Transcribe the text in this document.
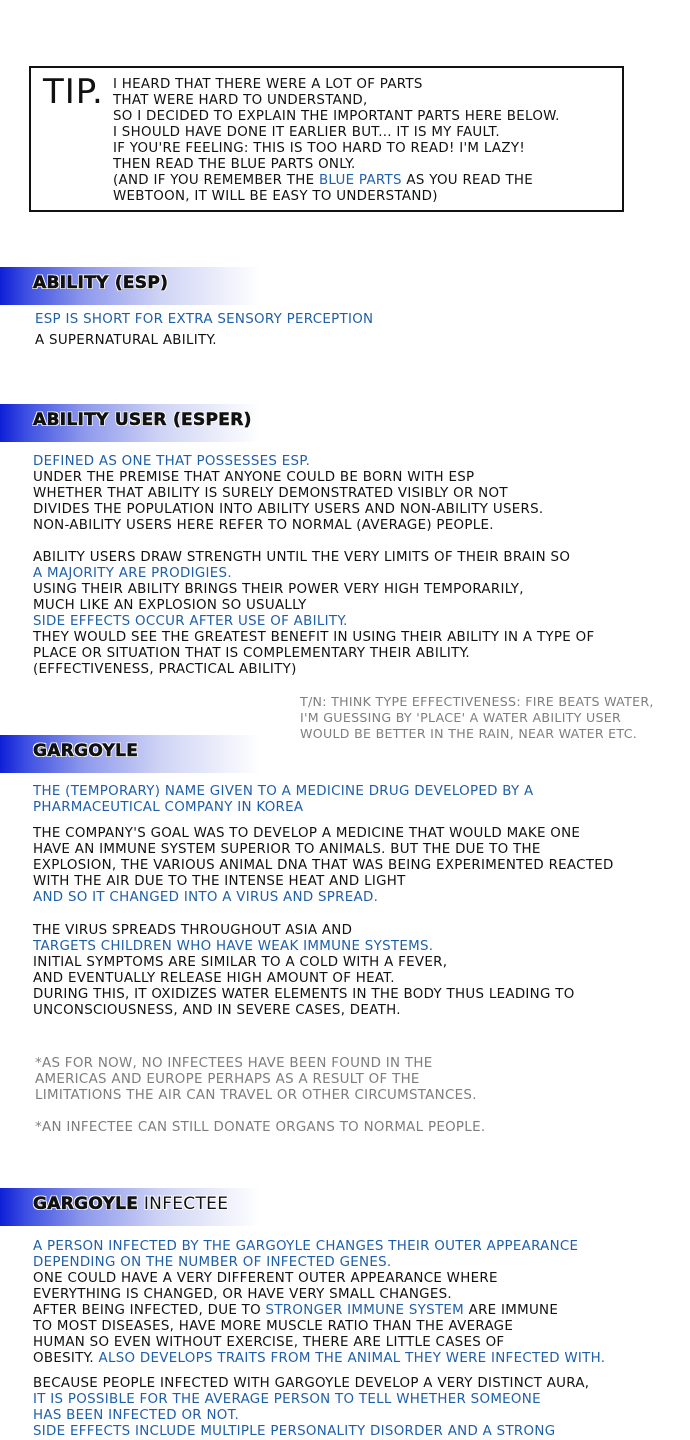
TIP. I HEARD THAT THERE WERE A LOT OF PARTS
THAT WERE HARD TO UNDERSTAND,
SO I DECIDED TO EXPLAIN THE IMPORTANT PARTS HERE BELOW.
I SHOULD HAVE DONE IT EARLIER BUT... IT IS MY FAULT.
IF YOU'RE FEELING: THIS IS TOO HARD TO READ! I'M LAZY!
THEN READ THE BLUE PARTS ONLY.
(AND IF YOU REMEMBER THE BLUE PARTS AS YOU READ THE
WEBTOON, IT WILL BE EASY TO UNDERSTAND)
ABILITY (ESP)
ESP IS SHORT FOR EXTRA SENSORY PERCEPTION
A SUPERNATURAL ABILITY.
ABILITY USER (ESPER)
DEFINED AS ONE THAT POSSESSES ESP.
UNDER THE PREMISE THAT ANYONE COULD BE BORN WITH ESP
WHETHER THAT ABILITY IS SURELY DEMONSTRATED VISIBLY OR NOT
DIVIDES THE POPULATION INTO ABILITY USERS AND NON-ABILITY USERS.
NON-ABILITY USERS HERE REFER TO NORMAL (AVERAGE) PEOPLE.
ABILITY USERS DRAW STRENGTH UNTIL THE VERY LIMITS OF THEIR BRAIN SO
A MAJORITY ARE PRODIGIES.
USING THEIR ABILITY BRINGS THEIR POWER VERY HIGH TEMPORARILY,
MUCH LIKE AN EXPLOSION SO USUALLY
SIDE EFFECTS OCCUR AFTER USE OF ABILITY.
THEY WOULD SEE THE GREATEST BENEFIT IN USING THEIR ABILITY IN A TYPE OF
PLACE OR SITUATION THAT IS COMPLEMENTARY THEIR ABILITY.
(EFFECTIVENESS, PRACTICAL ABILITY)
T/N: THINK TYPE EFFECTIVENESS: FIRE BEATS WATER,
I'M GUESSING BY 'PLACE' A WATER ABILITY USER
WOULD BE BETTER IN THE RAIN, NEAR WATER ETC.
GARGOYLE
THE (TEMPORARY) NAME GIVEN TO A MEDICINE DRUG DEVELOPED BY A
PHARMACEUTICAL COMPANY IN KOREA
THE COMPANY'S GOAL WAS TO DEVELOP A MEDICINE THAT WOULD MAKE ONE
HAVE AN IMMUNE SYSTEM SUPERIOR TO ANIMALS. BUT THE DUE TO THE
EXPLOSION, THE VARIOUS ANIMAL DNA THAT WAS BEING EXPERIMENTED REACTED
WITH THE AIR DUE TO THE INTENSE HEAT AND LIGHT
AND SO IT CHANGED INTO A VIRUS AND SPREAD.
THE VIRUS SPREADS THROUGHOUT ASIA AND
TARGETS CHILDREN WHO HAVE WEAK IMMUNE SYSTEMS.
INITIAL SYMPTOMS ARE SIMILAR TO A COLD WITH A FEVER,
AND EVENTUALLY RELEASE HIGH AMOUNT OF HEAT.
DURING THIS, IT OXIDIZES WATER ELEMENTS IN THE BODY THUS LEADING TO
UNCONSCIOUSNESS, AND IN SEVERE CASES, DEATH.
*AS FOR NOW, NO INFECTEES HAVE BEEN FOUND IN THE
AMERICAS AND EUROPE PERHAPS AS A RESULT OF THE
LIMITATIONS THE AIR CAN TRAVEL OR OTHER CIRCUMSTANCES.
*AN INFECTEE CAN STILL DONATE ORGANS TO NORMAL PEOPLE.
GARGOYLE INFECTEE
A PERSON INFECTED BY THE GARGOYLE CHANGES THEIR OUTER APPEARANCE
DEPENDING ON THE NUMBER OF INFECTED GENES.
ONE COULD HAVE A VERY DIFFERENT OUTER APPEARANCE WHERE
EVERYTHING IS CHANGED, OR HAVE VERY SMALL CHANGES.
AFTER BEING INFECTED, DUE TO STRONGER IMMUNE SYSTEM ARE IMMUNE
TO MOST DISEASES, HAVE MORE MUSCLE RATIO THAN THE AVERAGE
HUMAN SO EVEN WITHOUT EXERCISE, THERE ARE LITTLE CASES OF
OBESITY. ALSO DEVELOPS TRAITS FROM THE ANIMAL THEY WERE INFECTED WITH.
BECAUSE PEOPLE INFECTED WITH GARGOYLE DEVELOP A VERY DISTINCT AURA,
IT IS POSSIBLE FOR THE AVERAGE PERSON TO TELL WHETHER SOMEONE
HAS BEEN INFECTED OR NOT.
SIDE EFFECTS INCLUDE MULTIPLE PERSONALITY DISORDER AND A STRONG
